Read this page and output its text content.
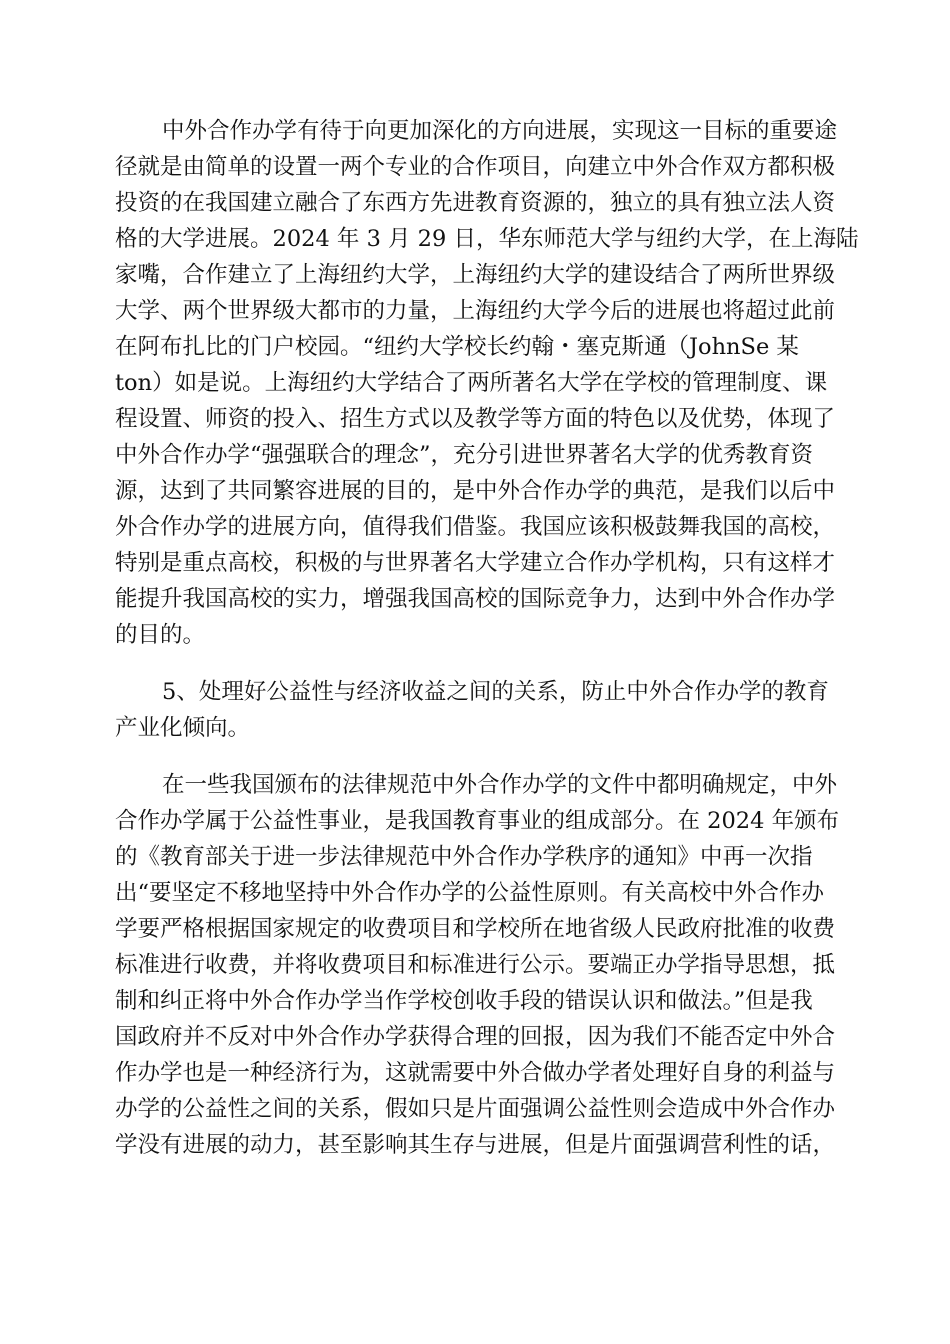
中外合作办学有待于向更加深化的方向进展，实现这一目标的重要途

径就是由简单的设置一两个专业的合作项目，向建立中外合作双方都积极

投资的在我国建立融合了东西方先进教育资源的，独立的具有独立法人资

格的大学进展。2024 年 3 月 29 日，华东师范大学与纽约大学，在上海陆

家嘴，合作建立了上海纽约大学，上海纽约大学的建设结合了两所世界级

大学、两个世界级大都市的力量，上海纽约大学今后的进展也将超过此前

在阿布扎比的门户校园。“纽约大学校长约翰・塞克斯通（JohnSe 某

ton）如是说。上海纽约大学结合了两所著名大学在学校的管理制度、课

程设置、师资的投入、招生方式以及教学等方面的特色以及优势，体现了

中外合作办学“强强联合的理念”，充分引进世界著名大学的优秀教育资

源，达到了共同繁容进展的目的，是中外合作办学的典范，是我们以后中

外合作办学的进展方向，值得我们借鉴。我国应该积极鼓舞我国的高校，

特别是重点高校，积极的与世界著名大学建立合作办学机构，只有这样才

能提升我国高校的实力，增强我国高校的国际竞争力，达到中外合作办学

的目的。

5、处理好公益性与经济收益之间的关系，防止中外合作办学的教育

产业化倾向。

在一些我国颁布的法律规范中外合作办学的文件中都明确规定，中外

合作办学属于公益性事业，是我国教育事业的组成部分。在 2024 年颁布

的《教育部关于进一步法律规范中外合作办学秩序的通知》中再一次指

出“要坚定不移地坚持中外合作办学的公益性原则。有关高校中外合作办

学要严格根据国家规定的收费项目和学校所在地省级人民政府批准的收费

标准进行收费，并将收费项目和标准进行公示。要端正办学指导思想，抵

制和纠正将中外合作办学当作学校创收手段的错误认识和做法。”但是我

国政府并不反对中外合作办学获得合理的回报，因为我们不能否定中外合

作办学也是一种经济行为，这就需要中外合做办学者处理好自身的利益与

办学的公益性之间的关系，假如只是片面强调公益性则会造成中外合作办

学没有进展的动力，甚至影响其生存与进展，但是片面强调营利性的话，
